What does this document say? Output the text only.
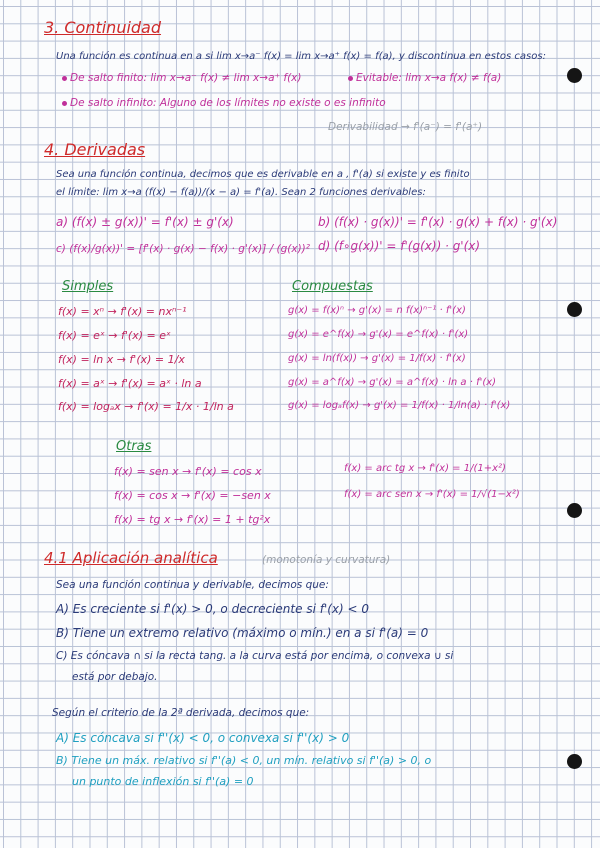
3. Continuidad
Una función es continua en a si lim x→a⁻ f(x) = lim x→a⁺ f(x) = f(a), y discontinua en estos casos:
De salto finito: lim x→a⁻ f(x) ≠ lim x→a⁺ f(x)	Evitable: lim x→a f(x) ≠ f(a)
De salto infinito: Alguno de los límites no existe o es infinito
Derivabilidad → f'(a⁻) = f'(a⁺)
4. Derivadas
Sea una función continua, decimos que es derivable en a , f'(a) si existe y es finito
el límite: lim x→a (f(x) − f(a))/(x − a) = f'(a). Sean 2 funciones derivables:
a) (f(x) ± g(x))' = f'(x) ± g'(x)	b) (f(x) · g(x))' = f'(x) · g(x) + f(x) · g'(x)
c) (f(x)/g(x))' = [f'(x) · g(x) − f(x) · g'(x)] / (g(x))² d) (f∘g(x))' = f'(g(x)) · g'(x)
Simples
f(x) = xⁿ → f'(x) = nxⁿ⁻¹
f(x) = eˣ → f'(x) = eˣ
f(x) = ln x → f'(x) = 1/x
f(x) = aˣ → f'(x) = aˣ · ln a
f(x) = logₐx → f'(x) = 1/x · 1/ln a
Compuestas
g(x) = f(x)ⁿ → g'(x) = n f(x)ⁿ⁻¹ · f'(x)
g(x) = e^f(x) → g'(x) = e^f(x) · f'(x)
g(x) = ln(f(x)) → g'(x) = 1/f(x) · f'(x)
g(x) = a^f(x) → g'(x) = a^f(x) · ln a · f'(x)
g(x) = logₐf(x) → g'(x) = 1/f(x) · 1/ln(a) · f'(x)
Otras
f(x) = sen x → f'(x) = cos x
f(x) = cos x → f'(x) = −sen x
f(x) = tg x → f'(x) = 1 + tg²x
f(x) = arc tg x → f'(x) = 1/(1+x²)
f(x) = arc sen x → f'(x) = 1/√(1−x²)
4.1 Aplicación analítica	(monotonía y curvatura)
Sea una función continua y derivable, decimos que:
A) Es creciente si f'(x) > 0, o decreciente si f'(x) < 0
B) Tiene un extremo relativo (máximo o mín.) en a si f'(a) = 0
C) Es cóncava ∩ si la recta tang. a la curva está por encima, o convexa ∪ si
está por debajo.
Según el criterio de la 2ª derivada, decimos que:
A) Es cóncava si f''(x) < 0, o convexa si f''(x) > 0
B) Tiene un máx. relativo si f''(a) < 0, un mín. relativo si f''(a) > 0, o
un punto de inflexión si f''(a) = 0
